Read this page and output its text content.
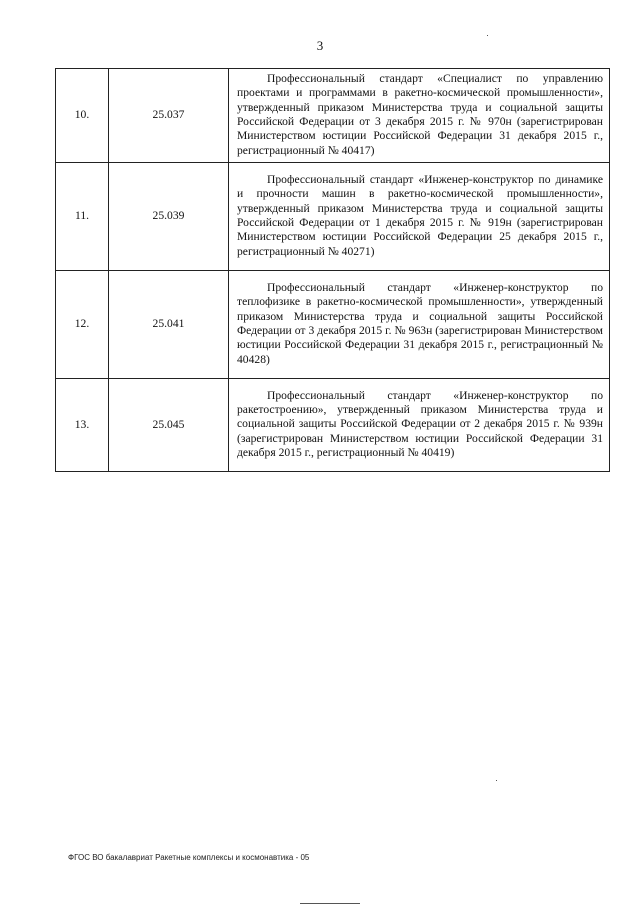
3
10.	25.037	Профессиональный стандарт «Специалист по управлению проектами и программами в ракетно-космической промышленности», утвержденный приказом Министерства труда и социальной защиты Российской Федерации от 3 декабря 2015 г. № 970н (зарегистрирован Министерством юстиции Российской Федерации 31 декабря 2015 г., регистрационный № 40417)

11.	25.039	Профессиональный стандарт «Инженер-конструктор по динамике и прочности машин в ракетно-космической промышленности», утвержденный приказом Министерства труда и социальной защиты Российской Федерации от 1 декабря 2015 г. № 919н (зарегистрирован Министерством юстиции Российской Федерации 25 декабря 2015 г., регистрационный № 40271)

12.	25.041	Профессиональный стандарт «Инженер-конструктор по теплофизике в ракетно-космической промышленности», утвержденный приказом Министерства труда и социальной защиты Российской Федерации от 3 декабря 2015 г. № 963н (зарегистрирован Министерством юстиции Российской Федерации 31 декабря 2015 г., регистрационный № 40428)

13.	25.045	Профессиональный стандарт «Инженер-конструктор по ракетостроению», утвержденный приказом Министерства труда и социальной защиты Российской Федерации от 2 декабря 2015 г. № 939н (зарегистрирован Министерством юстиции Российской Федерации 31 декабря 2015 г., регистрационный № 40419)
ФГОС ВО бакалавриат Ракетные комплексы и космонавтика - 05
